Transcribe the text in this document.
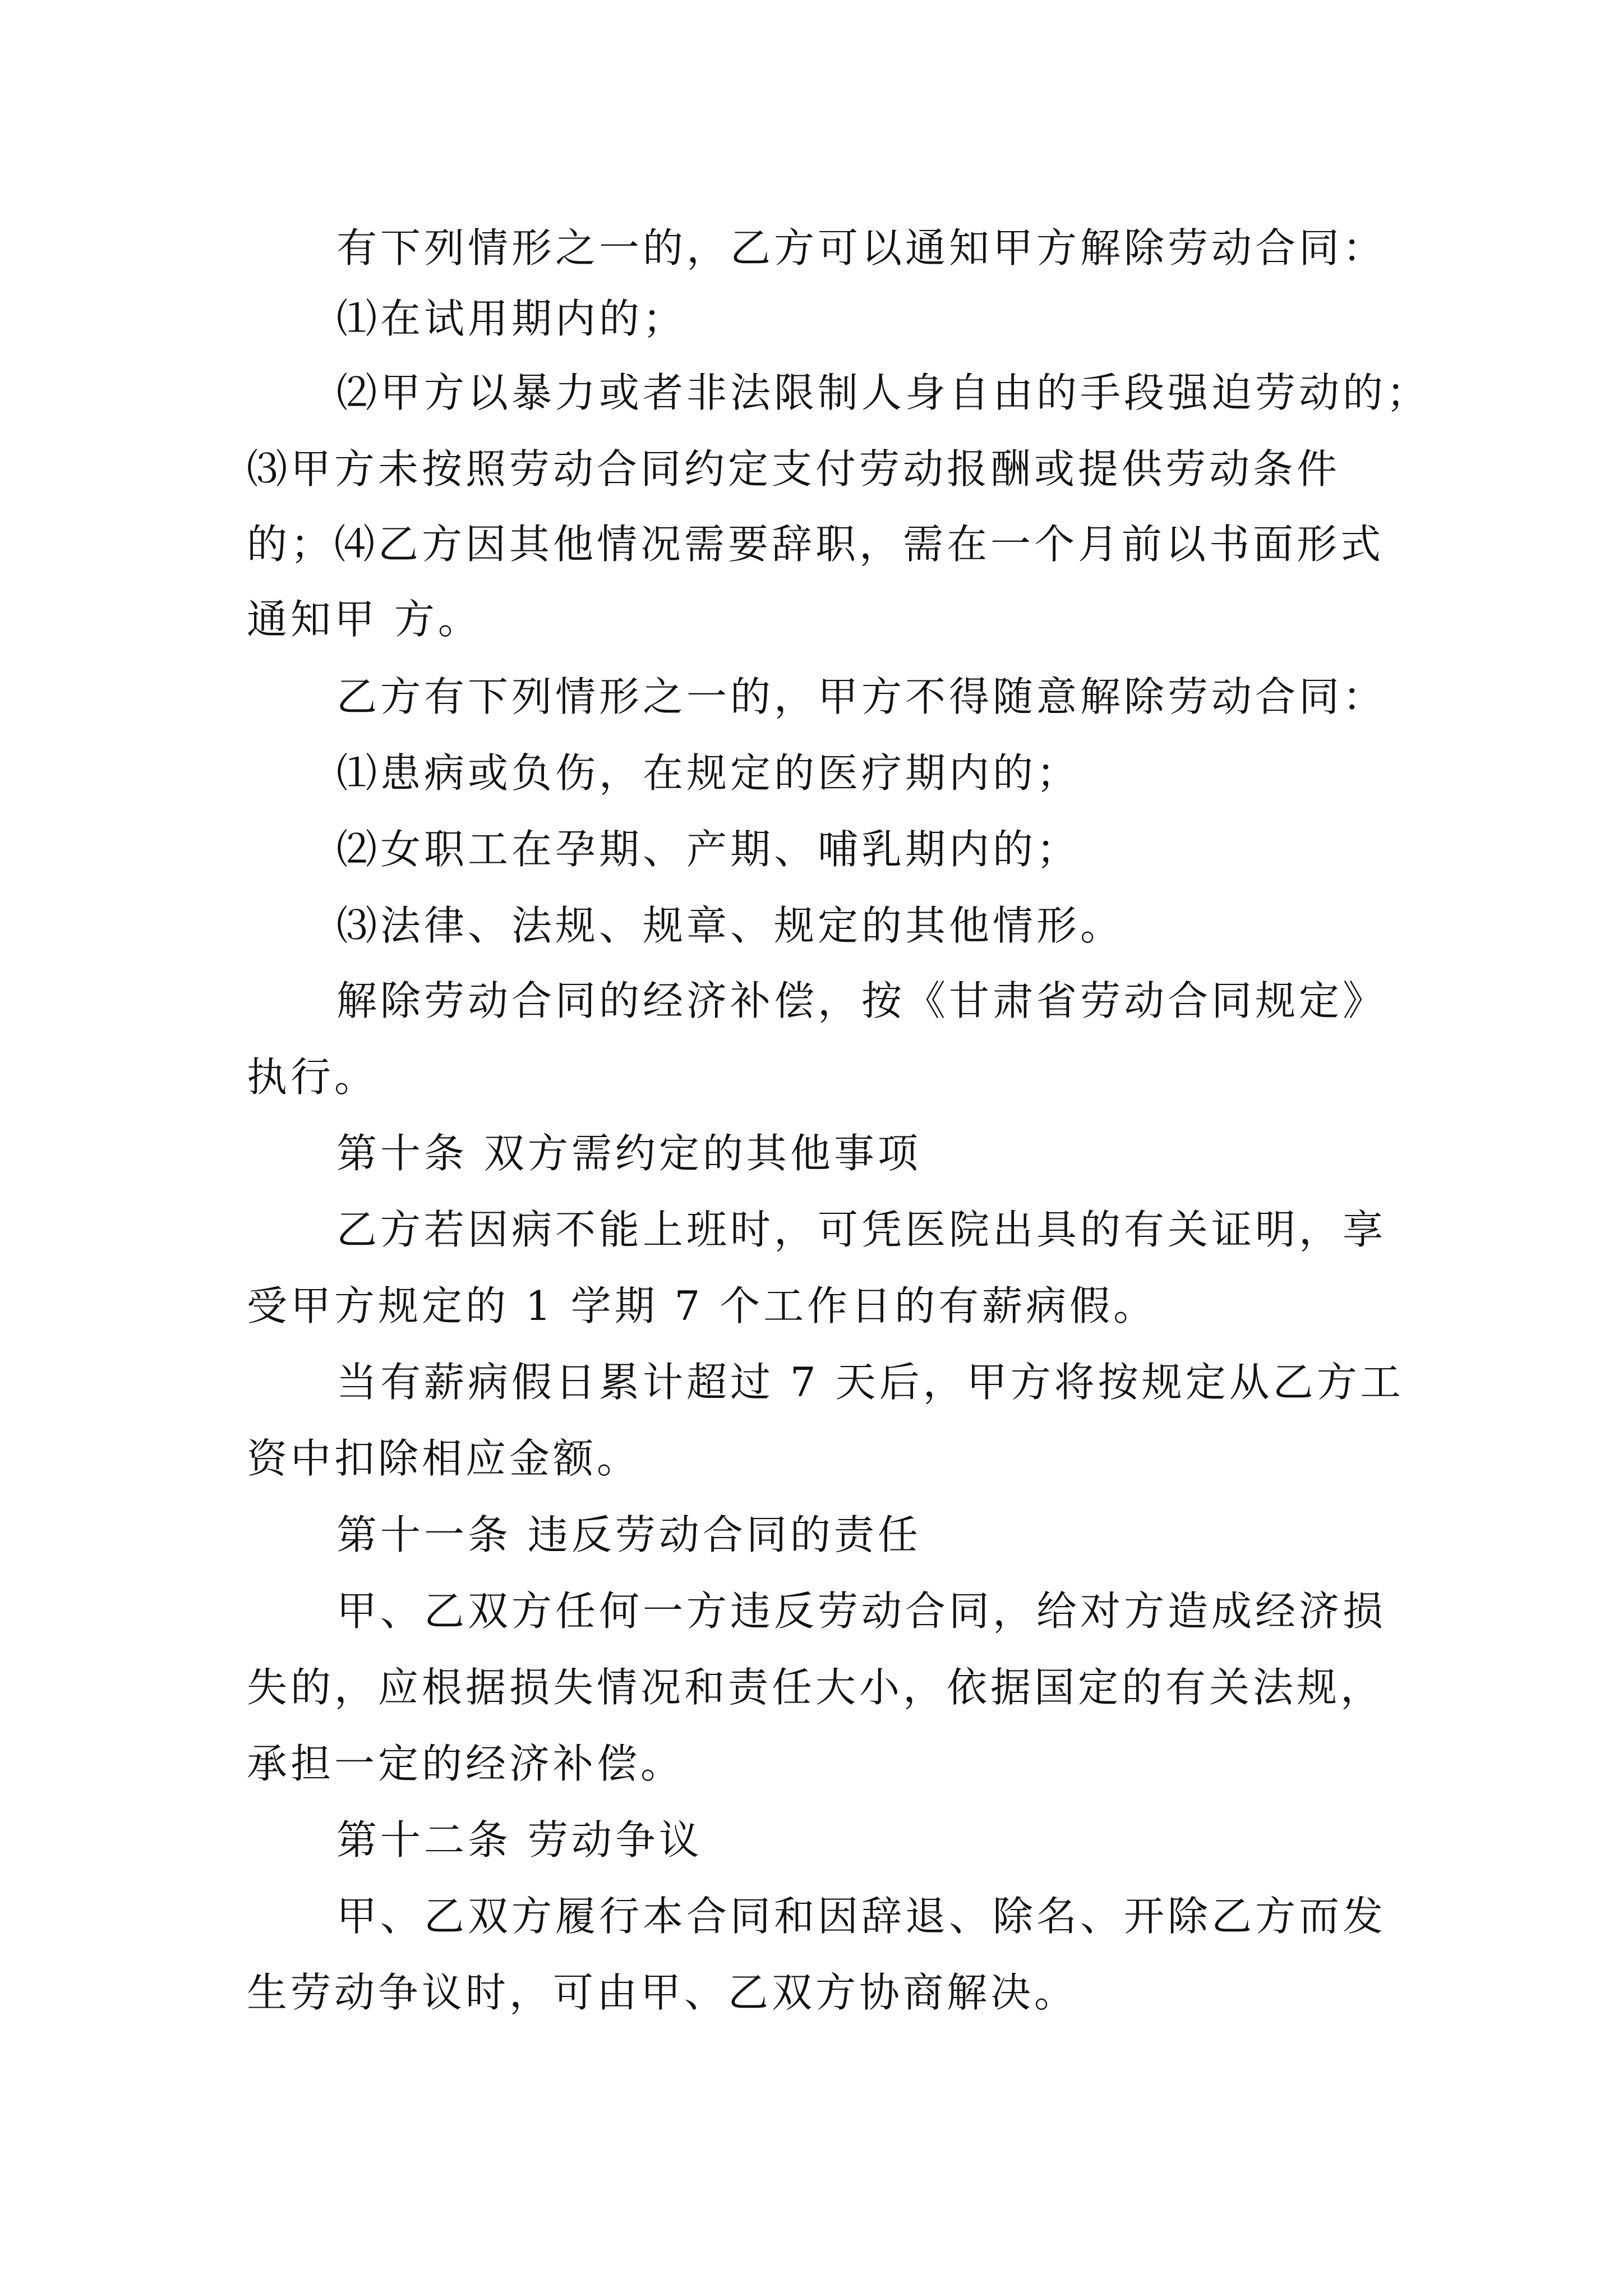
有下列情形之一的，乙方可以通知甲方解除劳动合同：
⑴在试用期内的；
⑵甲方以暴力或者非法限制人身自由的手段强迫劳动的；
⑶甲方未按照劳动合同约定支付劳动报酬或提供劳动条件
的；⑷乙方因其他情况需要辞职，需在一个月前以书面形式
通知甲 方。
乙方有下列情形之一的，甲方不得随意解除劳动合同：
⑴患病或负伤，在规定的医疗期内的；
⑵女职工在孕期、产期、哺乳期内的；
⑶法律、法规、规章、规定的其他情形。
解除劳动合同的经济补偿，按《甘肃省劳动合同规定》
执行。
第十条 双方需约定的其他事项
乙方若因病不能上班时，可凭医院出具的有关证明，享
受甲方规定的 1 学期 7 个工作日的有薪病假。
当有薪病假日累计超过 7 天后，甲方将按规定从乙方工
资中扣除相应金额。
第十一条 违反劳动合同的责任
甲、乙双方任何一方违反劳动合同，给对方造成经济损
失的，应根据损失情况和责任大小，依据国定的有关法规，
承担一定的经济补偿。
第十二条 劳动争议
甲、乙双方履行本合同和因辞退、除名、开除乙方而发
生劳动争议时，可由甲、乙双方协商解决。
